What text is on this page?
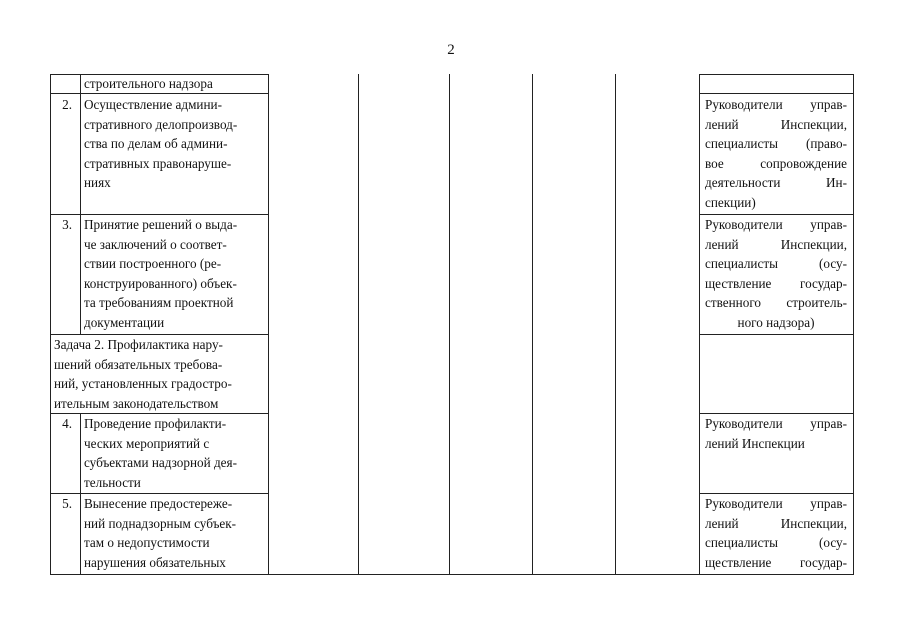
2
строительного надзора
2. Осуществление админи-
стративного делопроизвод-
ства по делам об админи-
стративных правонаруше-
ниях
Руководители управ-
лений Инспекции,
специалисты (право-
вое сопровождение
деятельности Ин-
спекции)
3. Принятие решений о выда-
че заключений о соответ-
ствии построенного (ре-
конструированного) объек-
та требованиям проектной
документации
Руководители управ-
лений Инспекции,
специалисты (осу-
ществление государ-
ственного строитель-
ного надзора)
Задача 2. Профилактика нару-
шений обязательных требова-
ний, установленных градостро-
ительным законодательством
4. Проведение профилакти-
ческих мероприятий с
субъектами надзорной дея-
тельности
Руководители управ-
лений Инспекции
5. Вынесение предостереже-
ний поднадзорным субъек-
там о недопустимости
нарушения обязательных
Руководители управ-
лений Инспекции,
специалисты (осу-
ществление государ-
